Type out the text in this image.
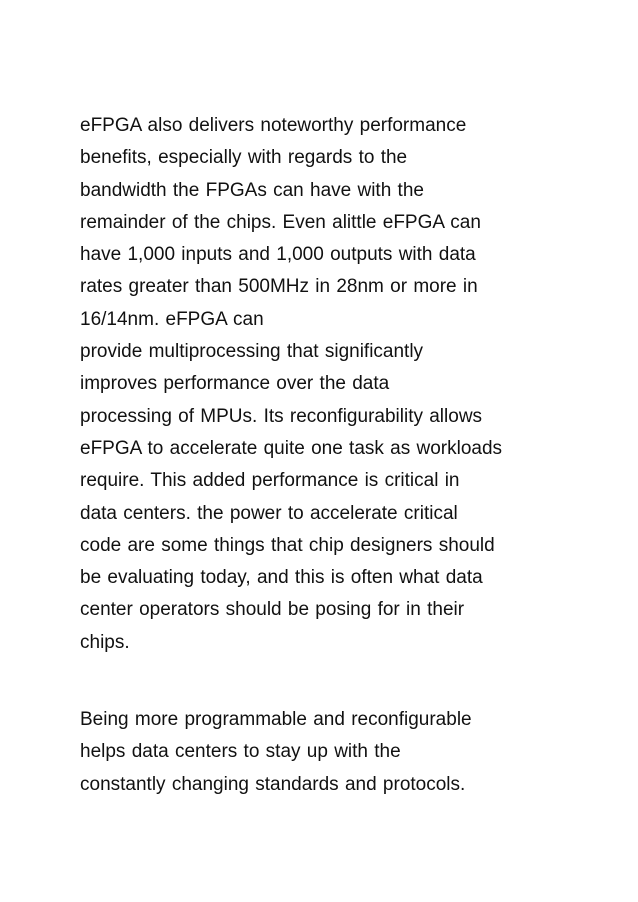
eFPGA also delivers noteworthy performance
benefits, especially with regards to the
bandwidth the FPGAs can have with the
remainder of the chips. Even alittle eFPGA can
have 1,000 inputs and 1,000 outputs with data
rates greater than 500MHz in 28nm or more in
16/14nm. eFPGA can
provide multiprocessing that significantly
improves performance over the data
processing of MPUs. Its reconfigurability allows
eFPGA to accelerate quite one task as workloads
require. This added performance is critical in
data centers. the power to accelerate critical
code are some things that chip designers should
be evaluating today, and this is often what data
center operators should be posing for in their
chips.
Being more programmable and reconfigurable
helps data centers to stay up with the
constantly changing standards and protocols.
